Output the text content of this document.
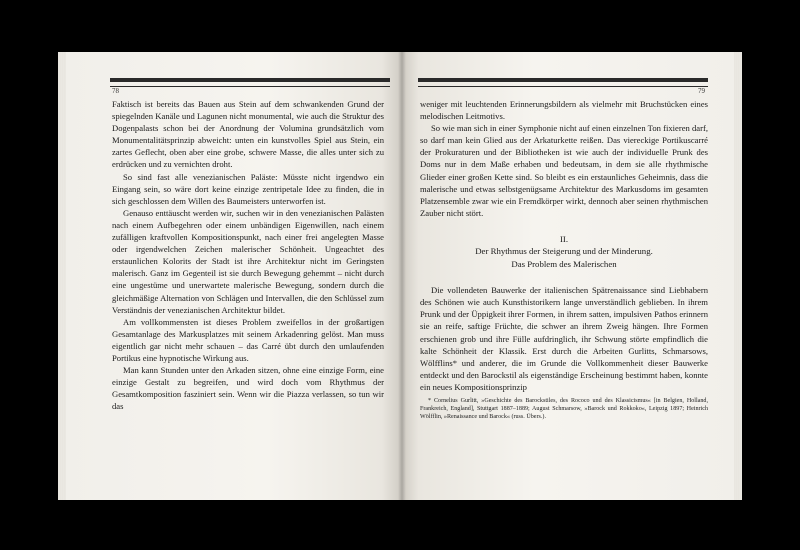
78

Faktisch ist bereits das Bauen aus Stein auf dem schwankenden Grund der spiegelnden Kanäle und Lagunen nicht monumental, wie auch die Struktur des Dogenpalasts schon bei der Anordnung der Volumina grundsätzlich vom Monumentalitätsprinzip abweicht: unten ein kunstvolles Spiel aus Stein, ein zartes Geflecht, oben aber eine grobe, schwere Masse, die alles unter sich zu erdrücken und zu vernichten droht.

So sind fast alle venezianischen Paläste: Müsste nicht irgendwo ein Eingang sein, so wäre dort keine einzige zentripetale Idee zu finden, die in sich geschlossen dem Willen des Baumeisters unterworfen ist.

Genauso enttäuscht werden wir, suchen wir in den venezianischen Palästen nach einem Aufbegehren oder einem unbändigen Eigenwillen, nach einem zufälligen kraftvollen Kompositionspunkt, nach einer frei angelegten Masse oder irgendwelchen Zeichen malerischer Schönheit. Ungeachtet des erstaunlichen Kolorits der Stadt ist ihre Architektur nicht im Geringsten malerisch. Ganz im Gegenteil ist sie durch Bewegung gehemmt – nicht durch eine ungestüme und unerwartete malerische Bewegung, sondern durch die gleichmäßige Alternation von Schlägen und Intervallen, die den Schlüssel zum Verständnis der venezianischen Architektur bildet.

Am vollkommensten ist dieses Problem zweifellos in der großartigen Gesamtanlage des Markusplatzes mit seinem Arkadenring gelöst. Man muss eigentlich gar nicht mehr schauen – das Carré übt durch den umlaufenden Portikus eine hypnotische Wirkung aus.

Man kann Stunden unter den Arkaden sitzen, ohne eine einzige Form, eine einzige Gestalt zu begreifen, und wird doch vom Rhythmus der Gesamtkomposition fasziniert sein. Wenn wir die Piazza verlassen, so tun wir das

79

weniger mit leuchtenden Erinnerungsbildern als vielmehr mit Bruchstücken eines melodischen Leitmotivs.

So wie man sich in einer Symphonie nicht auf einen einzelnen Ton fixieren darf, so darf man kein Glied aus der Arkaturkette reißen. Das viereckige Portikuscarré der Prokuraturen und der Bibliotheken ist wie auch der individuelle Prunk des Doms nur in dem Maße erhaben und bedeutsam, in dem sie alle rhythmische Glieder einer großen Kette sind. So bleibt es ein erstaunliches Geheimnis, dass die malerische und etwas selbstgenügsame Architektur des Markusdoms im gesamten Platzensemble zwar wie ein Fremdkörper wirkt, dennoch aber seinen rhythmischen Zauber nicht stört.

II.
Der Rhythmus der Steigerung und der Minderung.
Das Problem des Malerischen

Die vollendeten Bauwerke der italienischen Spätrenaissance sind Liebhabern des Schönen wie auch Kunsthistorikern lange unverständlich geblieben. In ihrem Prunk und der Üppigkeit ihrer Formen, in ihrem satten, impulsiven Pathos erinnern sie an reife, saftige Früchte, die schwer an ihrem Zweig hängen. Ihre Formen erschienen grob und ihre Fülle aufdringlich, ihr Schwung störte empfindlich die kalte Schönheit der Klassik. Erst durch die Arbeiten Gurlitts, Schmarsows, Wölfflins* und anderer, die im Grunde die Vollkommenheit dieser Bauwerke entdeckt und den Barockstil als eigenständige Erscheinung bestimmt haben, konnte ein neues Kompositionsprinzip

* Cornelius Gurlitt, »Geschichte des Barockstiles, des Rococo und des Klassicismus« [in Belgien, Holland, Frankreich, England], Stuttgart 1887–1889; August Schmarsow, »Barock und Rokkoko«, Leipzig 1897; Heinrich Wölfflin, »Renaissance und Barock« (russ. Übers.).
